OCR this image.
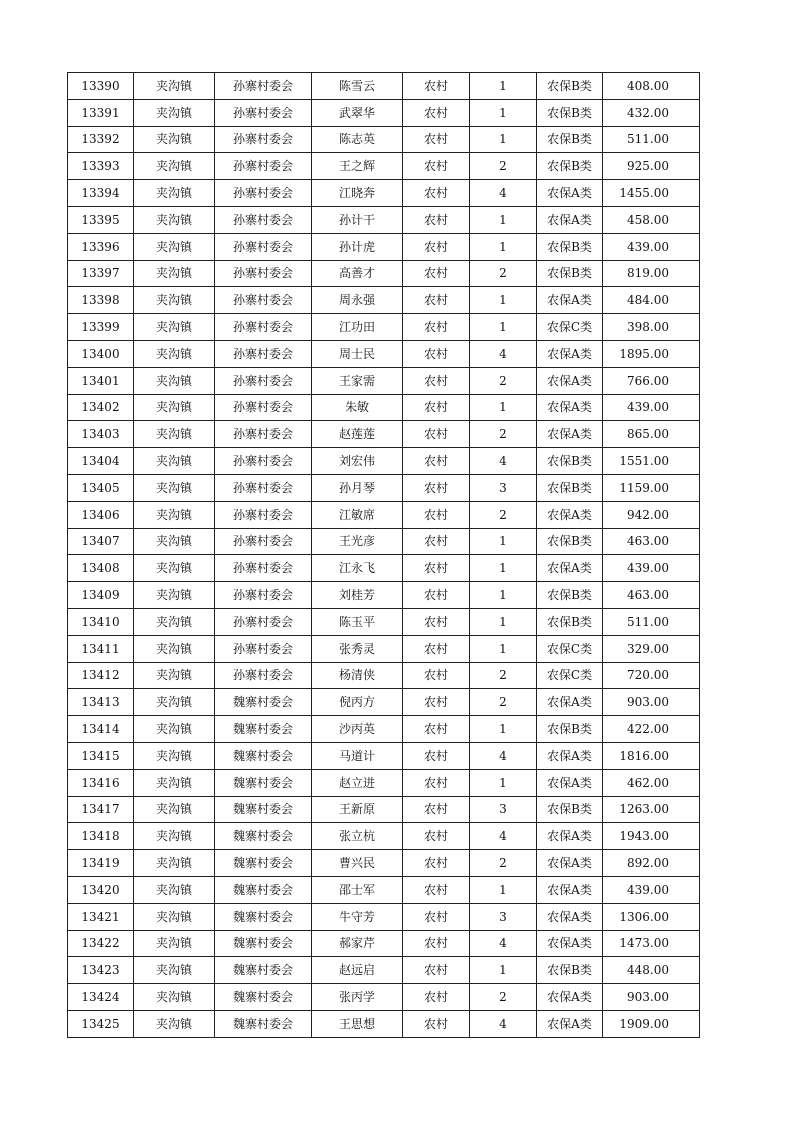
13390	夹沟镇	孙寨村委会	陈雪云	农村	1	农保B类	408.00
13391	夹沟镇	孙寨村委会	武翠华	农村	1	农保B类	432.00
13392	夹沟镇	孙寨村委会	陈志英	农村	1	农保B类	511.00
13393	夹沟镇	孙寨村委会	王之辉	农村	2	农保B类	925.00
13394	夹沟镇	孙寨村委会	江晓奔	农村	4	农保A类	1455.00
13395	夹沟镇	孙寨村委会	孙计干	农村	1	农保A类	458.00
13396	夹沟镇	孙寨村委会	孙计虎	农村	1	农保B类	439.00
13397	夹沟镇	孙寨村委会	高善才	农村	2	农保B类	819.00
13398	夹沟镇	孙寨村委会	周永强	农村	1	农保A类	484.00
13399	夹沟镇	孙寨村委会	江功田	农村	1	农保C类	398.00
13400	夹沟镇	孙寨村委会	周士民	农村	4	农保A类	1895.00
13401	夹沟镇	孙寨村委会	王家需	农村	2	农保A类	766.00
13402	夹沟镇	孙寨村委会	朱敏	农村	1	农保A类	439.00
13403	夹沟镇	孙寨村委会	赵莲莲	农村	2	农保A类	865.00
13404	夹沟镇	孙寨村委会	刘宏伟	农村	4	农保B类	1551.00
13405	夹沟镇	孙寨村委会	孙月琴	农村	3	农保B类	1159.00
13406	夹沟镇	孙寨村委会	江敏席	农村	2	农保A类	942.00
13407	夹沟镇	孙寨村委会	王光彦	农村	1	农保B类	463.00
13408	夹沟镇	孙寨村委会	江永飞	农村	1	农保A类	439.00
13409	夹沟镇	孙寨村委会	刘桂芳	农村	1	农保B类	463.00
13410	夹沟镇	孙寨村委会	陈玉平	农村	1	农保B类	511.00
13411	夹沟镇	孙寨村委会	张秀灵	农村	1	农保C类	329.00
13412	夹沟镇	孙寨村委会	杨清侠	农村	2	农保C类	720.00
13413	夹沟镇	魏寨村委会	倪丙方	农村	2	农保A类	903.00
13414	夹沟镇	魏寨村委会	沙丙英	农村	1	农保B类	422.00
13415	夹沟镇	魏寨村委会	马道计	农村	4	农保A类	1816.00
13416	夹沟镇	魏寨村委会	赵立进	农村	1	农保A类	462.00
13417	夹沟镇	魏寨村委会	王新原	农村	3	农保B类	1263.00
13418	夹沟镇	魏寨村委会	张立杭	农村	4	农保A类	1943.00
13419	夹沟镇	魏寨村委会	曹兴民	农村	2	农保A类	892.00
13420	夹沟镇	魏寨村委会	邵士军	农村	1	农保A类	439.00
13421	夹沟镇	魏寨村委会	牛守芳	农村	3	农保A类	1306.00
13422	夹沟镇	魏寨村委会	郝家芹	农村	4	农保A类	1473.00
13423	夹沟镇	魏寨村委会	赵远启	农村	1	农保B类	448.00
13424	夹沟镇	魏寨村委会	张丙学	农村	2	农保A类	903.00
13425	夹沟镇	魏寨村委会	王思想	农村	4	农保A类	1909.00
